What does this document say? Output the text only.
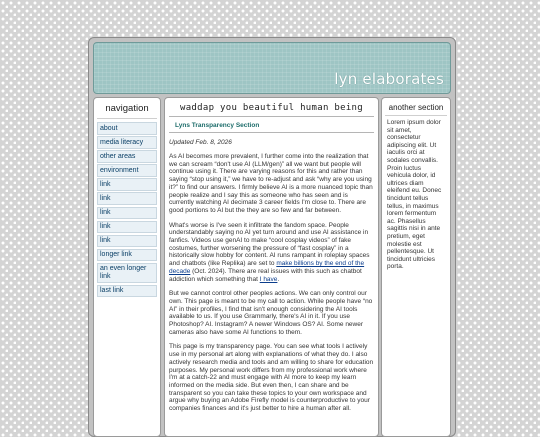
lyn elaborates
navigation
about
media literacy
other areas
environment
link
link
link
link
link
longer link
an even longer link
last link
waddap you beautiful human being
Lyns Transparency Section

Updated Feb. 8, 2026

As AI becomes more prevalent, I further come into the realization that we can scream “don't use AI (LLM/gen)” all we want but people will continue using it. There are varying reasons for this and rather than saying “stop using it,” we have to re-adjust and ask “why are you using it?” to find our answers. I firmly believe AI is a more nuanced topic than people realize and I say this as someone who has seen and is currently watching AI decimate 3 career fields I'm close to. There are good portions to AI but the they are so few and far between.

What's worse is I've seen it infiltrate the fandom space. People understandably saying no AI yet turn around and use AI assistance in fanfics. Videos use genAI to make “cool cosplay videos” of fake costumes, further worsening the pressure of “fast cosplay” in a historically slow hobby for content. AI runs rampant in roleplay spaces and chatbots (like Replika) are set to make billions by the end of the decade (Oct. 2024). There are real issues with this such as chatbot addiction which something that I have.

But we cannot control other peoples actions. We can only control our own. This page is meant to be my call to action. While people have “no AI” in their profiles, I find that isn't enough considering the AI tools available to us. If you use Grammarly, there's AI in it. If you use Photoshop? AI. Instagram? A newer Windows OS? AI. Some newer cameras also have some AI functions to them.

This page is my transparency page. You can see what tools I actively use in my personal art along with explanations of what they do. I also actively research media and tools and am willing to share for education purposes. My personal work differs from my professional work where I'm at a catch-22 and must engage with AI more to keep my learn informed on the media side. But even then, I can share and be transparent so you can take these topics to your own workspace and argue why buying an Adobe Firefly model is counterproductive to your companies finances and it's just better to hire a human after all.

another section

Lorem ipsum dolor sit amet, consectetur adipiscing elit. Ut iaculis orci at sodales convallis. Proin luctus vehicula dolor, id ultrices diam eleifend eu. Donec tincidunt tellus tellus, in maximus lorem fermentum ac. Phasellus sagittis nisi in ante pretium, eget molestie est pellentesque. Ut tincidunt ultricies porta.
